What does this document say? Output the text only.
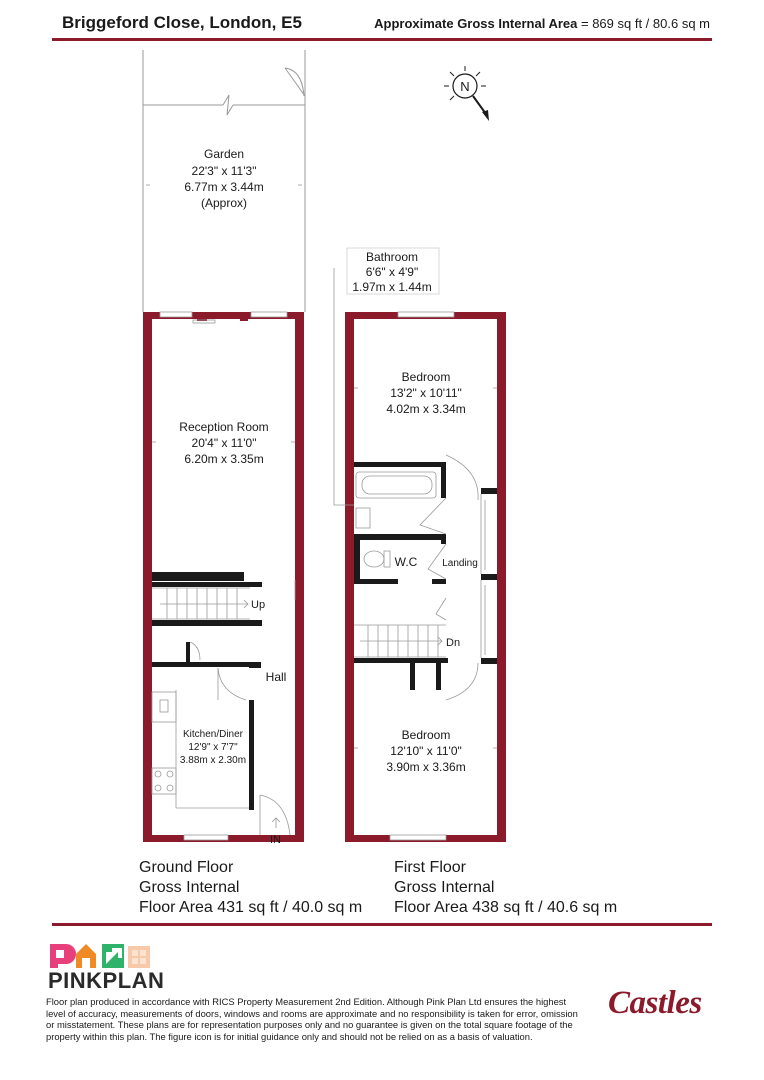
Briggeford Close, London, E5	Approximate Gross Internal Area = 869 sq ft / 80.6 sq m
N
Garden
22'3" x 11'3"
6.77m x 3.44m
(Approx)
Reception Room
20'4" x 11'0"
6.20m x 3.35m
Hall
Kitchen/Diner
12'9" x 7'7"
3.88m x 2.30m
Bathroom
6'6" x 4'9"
1.97m x 1.44m
Bedroom
13'2" x 10'11"
4.02m x 3.34m
W.C Landing
Bedroom
12'10" x 11'0"
3.90m x 3.36m
Up
Dn
IN
Ground Floor
Gross Internal
Floor Area 431 sq ft / 40.0 sq m
First Floor
Gross Internal
Floor Area 438 sq ft / 40.6 sq m
PINKPLAN
Floor plan produced in accordance with RICS Property Measurement 2nd Edition. Although Pink Plan Ltd ensures the highest level of accuracy, measurements of doors, windows and rooms are approximate and no responsibility is taken for error, omission or misstatement. These plans are for representation purposes only and no guarantee is given on the total square footage of the property within this plan. The figure icon is for initial guidance only and should not be relied on as a basis of valuation.
Castles
